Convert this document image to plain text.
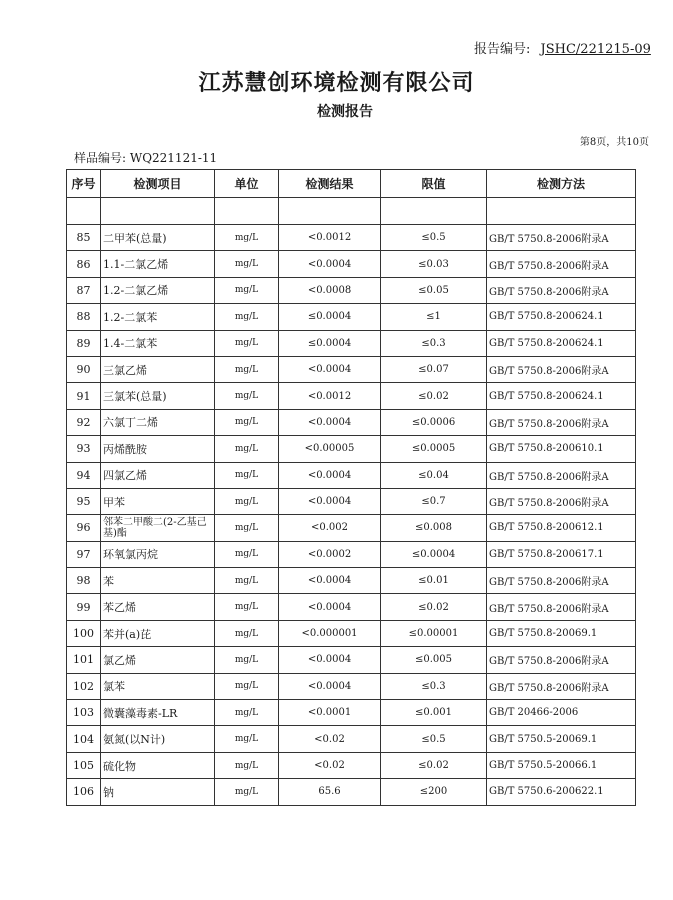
报告编号: JSHC/221215-09
江苏慧创环境检测有限公司
检测报告
第8页，共10页
样品编号: WQ221121-11
序号	检测项目	单位	检测结果	限值	检测方法

85	二甲苯(总量)	mg/L	<0.0012	≤0.5	GB/T 5750.8-2006附录A
86	1.1-二氯乙烯	mg/L	<0.0004	≤0.03	GB/T 5750.8-2006附录A
87	1.2-二氯乙烯	mg/L	<0.0008	≤0.05	GB/T 5750.8-2006附录A
88	1.2-二氯苯	mg/L	≤0.0004	≤1	GB/T 5750.8-200624.1
89	1.4-二氯苯	mg/L	≤0.0004	≤0.3	GB/T 5750.8-200624.1
90	三氯乙烯	mg/L	<0.0004	≤0.07	GB/T 5750.8-2006附录A
91	三氯苯(总量)	mg/L	<0.0012	≤0.02	GB/T 5750.8-200624.1
92	六氯丁二烯	mg/L	<0.0004	≤0.0006	GB/T 5750.8-2006附录A
93	丙烯酰胺	mg/L	<0.00005	≤0.0005	GB/T 5750.8-200610.1
94	四氯乙烯	mg/L	<0.0004	≤0.04	GB/T 5750.8-2006附录A
95	甲苯	mg/L	<0.0004	≤0.7	GB/T 5750.8-2006附录A
96	邻苯二甲酸二(2-乙基己基)酯	mg/L	<0.002	≤0.008	GB/T 5750.8-200612.1
97	环氧氯丙烷	mg/L	<0.0002	≤0.0004	GB/T 5750.8-200617.1
98	苯	mg/L	<0.0004	≤0.01	GB/T 5750.8-2006附录A
99	苯乙烯	mg/L	<0.0004	≤0.02	GB/T 5750.8-2006附录A
100	苯并(a)芘	mg/L	<0.000001	≤0.00001	GB/T 5750.8-20069.1
101	氯乙烯	mg/L	<0.0004	≤0.005	GB/T 5750.8-2006附录A
102	氯苯	mg/L	<0.0004	≤0.3	GB/T 5750.8-2006附录A
103	微囊藻毒素-LR	mg/L	<0.0001	≤0.001	GB/T 20466-2006
104	氨氮(以N计)	mg/L	<0.02	≤0.5	GB/T 5750.5-20069.1
105	硫化物	mg/L	<0.02	≤0.02	GB/T 5750.5-20066.1
106	钠	mg/L	65.6	≤200	GB/T 5750.6-200622.1
